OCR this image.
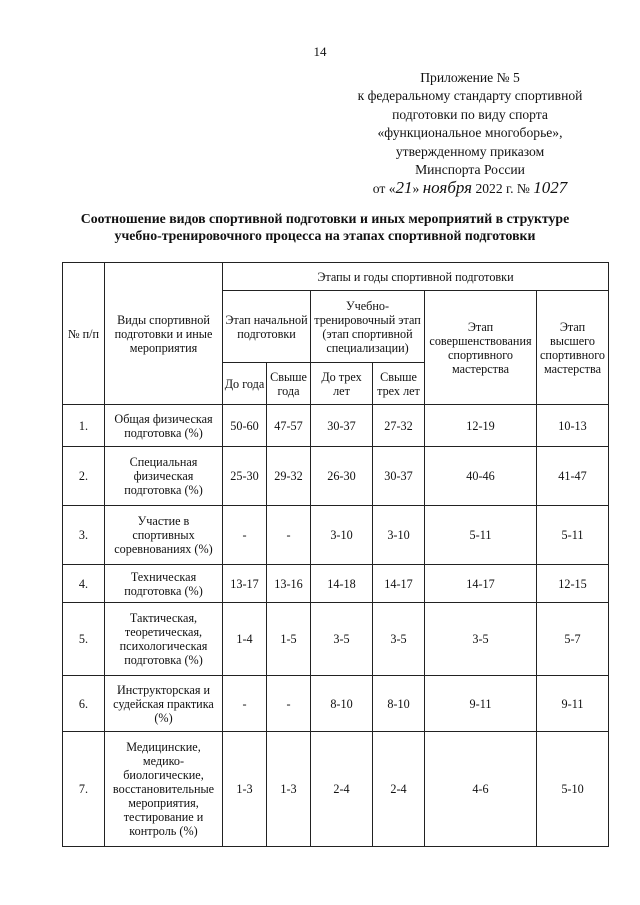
14
Приложение № 5
к федеральному стандарту спортивной
подготовки по виду спорта
«функциональное многоборье»,
утвержденному приказом
Минспорта России
от «21» ноября 2022 г. № 1027
Соотношение видов спортивной подготовки и иных мероприятий в структуре
учебно-тренировочного процесса на этапах спортивной подготовки
№ п/п	Виды спортивной подготовки и иные мероприятия	Этапы и годы спортивной подготовки					
		Этап начальной подготовки		Учебно-тренировочный этап (этап спортивной специализации)		Этап совершенствования спортивного мастерства	Этап высшего спортивного мастерства
		До года	Свыше года	До трех лет	Свыше трех лет		
1.	Общая физическая подготовка (%)	50-60	47-57	30-37	27-32	12-19	10-13
2.	Специальная физическая подготовка (%)	25-30	29-32	26-30	30-37	40-46	41-47
3.	Участие в спортивных соревнованиях (%)	-	-	3-10	3-10	5-11	5-11
4.	Техническая подготовка (%)	13-17	13-16	14-18	14-17	14-17	12-15
5.	Тактическая, теоретическая, психологическая подготовка (%)	1-4	1-5	3-5	3-5	3-5	5-7
6.	Инструкторская и судейская практика (%)	-	-	8-10	8-10	9-11	9-11
7.	Медицинские, медико-биологические, восстановительные мероприятия, тестирование и контроль (%)	1-3	1-3	2-4	2-4	4-6	5-10
